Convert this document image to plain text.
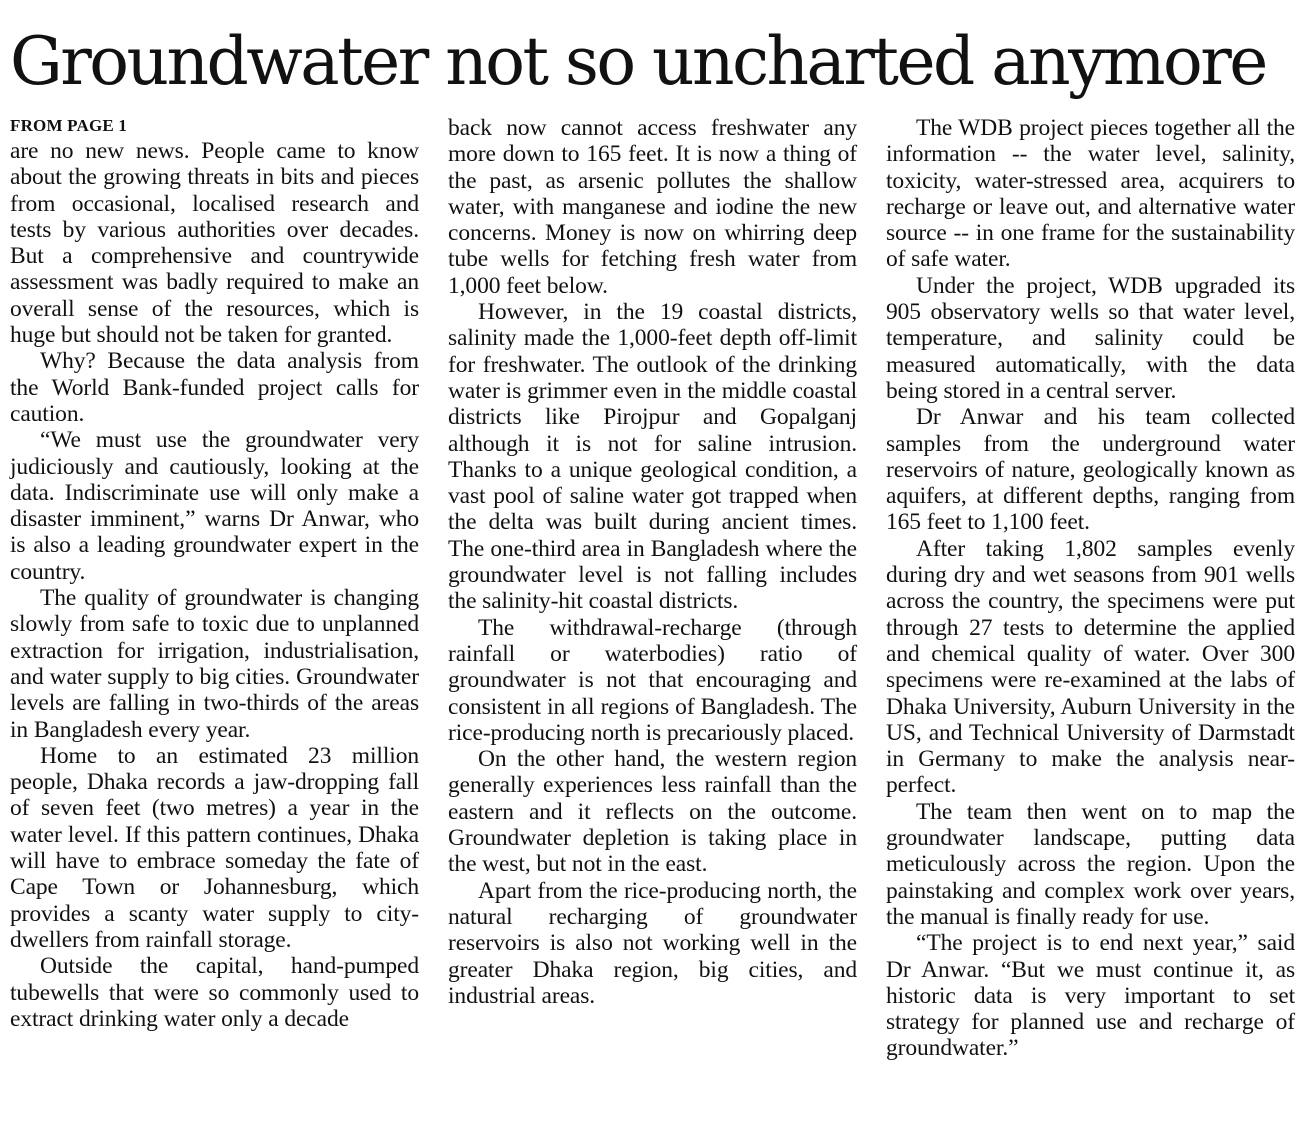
Groundwater not so uncharted anymore
FROM PAGE 1

are no new news. People came to know about the growing threats in bits and pieces from occasional, localised research and tests by various authorities over decades. But a comprehensive and countrywide assessment was badly required to make an overall sense of the resources, which is huge but should not be taken for granted.

Why? Because the data analysis from the World Bank-funded project calls for caution.

“We must use the groundwater very judiciously and cautiously, looking at the data. Indiscriminate use will only make a disaster imminent,” warns Dr Anwar, who is also a leading groundwater expert in the country.

The quality of groundwater is changing slowly from safe to toxic due to unplanned extraction for irrigation, industrialisation, and water supply to big cities. Groundwater levels are falling in two-thirds of the areas in Bangladesh every year.

Home to an estimated 23 million people, Dhaka records a jaw-dropping fall of seven feet (two metres) a year in the water level. If this pattern continues, Dhaka will have to embrace someday the fate of Cape Town or Johannesburg, which provides a scanty water supply to city-dwellers from rainfall storage.

Outside the capital, hand-pumped tubewells that were so commonly used to extract drinking water only a decade

back now cannot access freshwater any more down to 165 feet. It is now a thing of the past, as arsenic pollutes the shallow water, with manganese and iodine the new concerns. Money is now on whirring deep tube wells for fetching fresh water from 1,000 feet below.

However, in the 19 coastal districts, salinity made the 1,000-feet depth off-limit for freshwater. The outlook of the drinking water is grimmer even in the middle coastal districts like Pirojpur and Gopalganj although it is not for saline intrusion. Thanks to a unique geological condition, a vast pool of saline water got trapped when the delta was built during ancient times. The one-third area in Bangladesh where the groundwater level is not falling includes the salinity-hit coastal districts.

The withdrawal-recharge (through rainfall or waterbodies) ratio of groundwater is not that encouraging and consistent in all regions of Bangladesh. The rice-producing north is precariously placed.

On the other hand, the western region generally experiences less rainfall than the eastern and it reflects on the outcome. Groundwater depletion is taking place in the west, but not in the east.

Apart from the rice-producing north, the natural recharging of groundwater reservoirs is also not working well in the greater Dhaka region, big cities, and industrial areas.

The WDB project pieces together all the information -- the water level, salinity, toxicity, water-stressed area, acquirers to recharge or leave out, and alternative water source -- in one frame for the sustainability of safe water.

Under the project, WDB upgraded its 905 observatory wells so that water level, temperature, and salinity could be measured automatically, with the data being stored in a central server.

Dr Anwar and his team collected samples from the underground water reservoirs of nature, geologically known as aquifers, at different depths, ranging from 165 feet to 1,100 feet.

After taking 1,802 samples evenly during dry and wet seasons from 901 wells across the country, the specimens were put through 27 tests to determine the applied and chemical quality of water. Over 300 specimens were re-examined at the labs of Dhaka University, Auburn University in the US, and Technical University of Darmstadt in Germany to make the analysis near-perfect.

The team then went on to map the groundwater landscape, putting data meticulously across the region. Upon the painstaking and complex work over years, the manual is finally ready for use.

“The project is to end next year,” said Dr Anwar. “But we must continue it, as historic data is very important to set strategy for planned use and recharge of groundwater.”
